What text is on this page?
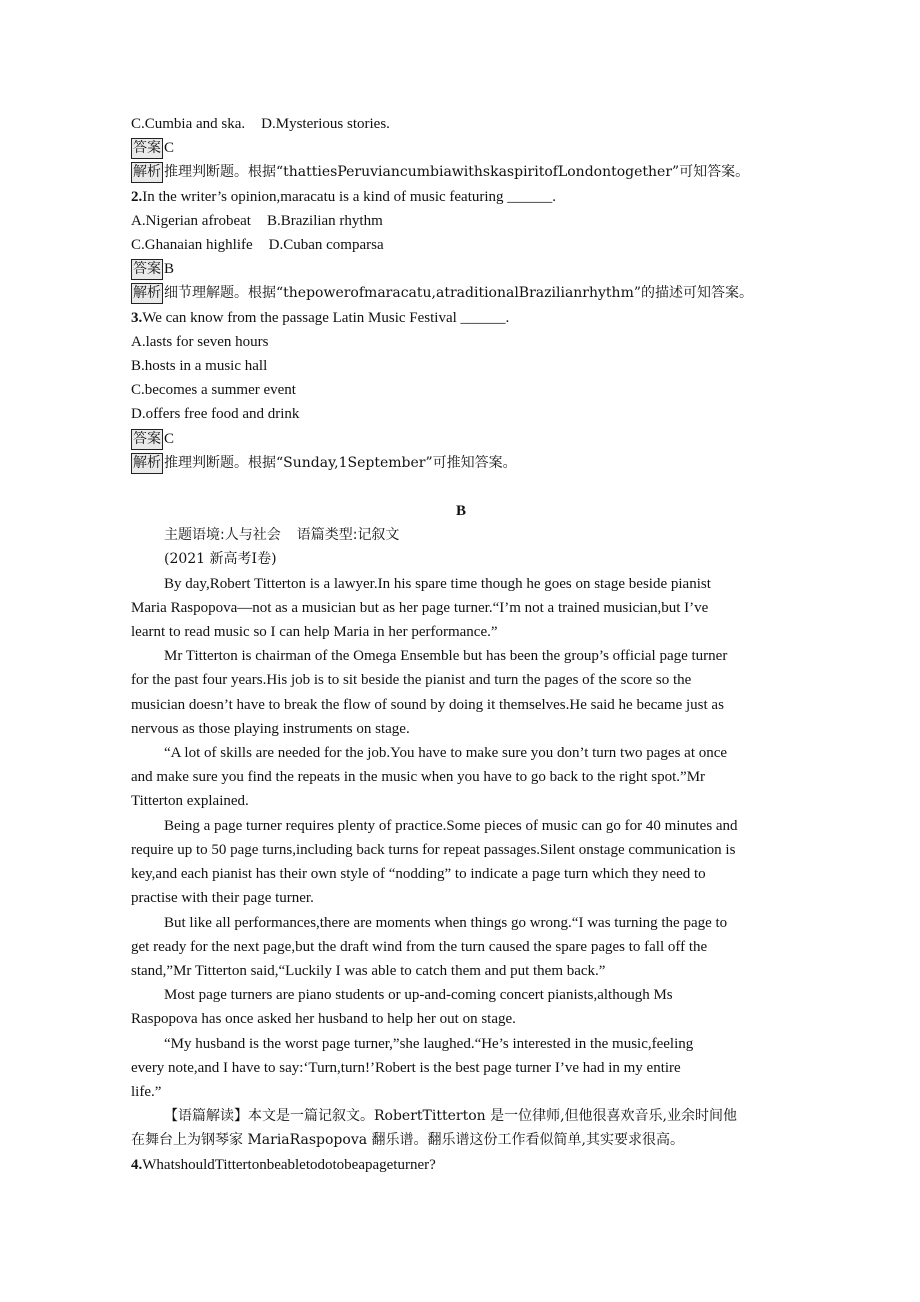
C.Cumbia and ska. D.Mysterious stories.
答案 C
解析 推理判断题。根据“thattiesPeruviancumbiawithskaspiritofLondontogether”可知答案。
2.In the writer’s opinion,maracatu is a kind of music featuring ______.
A.Nigerian afrobeat B.Brazilian rhythm
C.Ghanaian highlife D.Cuban comparsa
答案 B
解析 细节理解题。根据“thepowerofmaracatu,atraditionalBrazilianrhythm”的描述可知答案。
3.We can know from the passage Latin Music Festival ______.
A.lasts for seven hours
B.hosts in a music hall
C.becomes a summer event
D.offers free food and drink
答案 C
解析 推理判断题。根据“Sunday,1September”可推知答案。
B
主题语境:人与社会 语篇类型:记叙文
(2021 新高考Ⅰ卷)
By day,Robert Titterton is a lawyer.In his spare time though he goes on stage beside pianist
Maria Raspopova—not as a musician but as her page turner.“I’m not a trained musician,but I’ve
learnt to read music so I can help Maria in her performance.”
Mr Titterton is chairman of the Omega Ensemble but has been the group’s official page turner
for the past four years.His job is to sit beside the pianist and turn the pages of the score so the
musician doesn’t have to break the flow of sound by doing it themselves.He said he became just as
nervous as those playing instruments on stage.
“A lot of skills are needed for the job.You have to make sure you don’t turn two pages at once
and make sure you find the repeats in the music when you have to go back to the right spot.”Mr
Titterton explained.
Being a page turner requires plenty of practice.Some pieces of music can go for 40 minutes and
require up to 50 page turns,including back turns for repeat passages.Silent onstage communication is
key,and each pianist has their own style of “nodding” to indicate a page turn which they need to
practise with their page turner.
But like all performances,there are moments when things go wrong.“I was turning the page to
get ready for the next page,but the draft wind from the turn caused the spare pages to fall off the
stand,”Mr Titterton said,“Luckily I was able to catch them and put them back.”
Most page turners are piano students or up-and-coming concert pianists,although Ms
Raspopova has once asked her husband to help her out on stage.
“My husband is the worst page turner,”she laughed.“He’s interested in the music,feeling
every note,and I have to say:‘Turn,turn!’Robert is the best page turner I’ve had in my entire
life.”
【语篇解读】本文是一篇记叙文。RobertTitterton 是一位律师,但他很喜欢音乐,业余时间他
在舞台上为钢琴家 MariaRaspopova 翻乐谱。翻乐谱这份工作看似简单,其实要求很高。
4.WhatshouldTittertonbeabletodotobeapageturner?
